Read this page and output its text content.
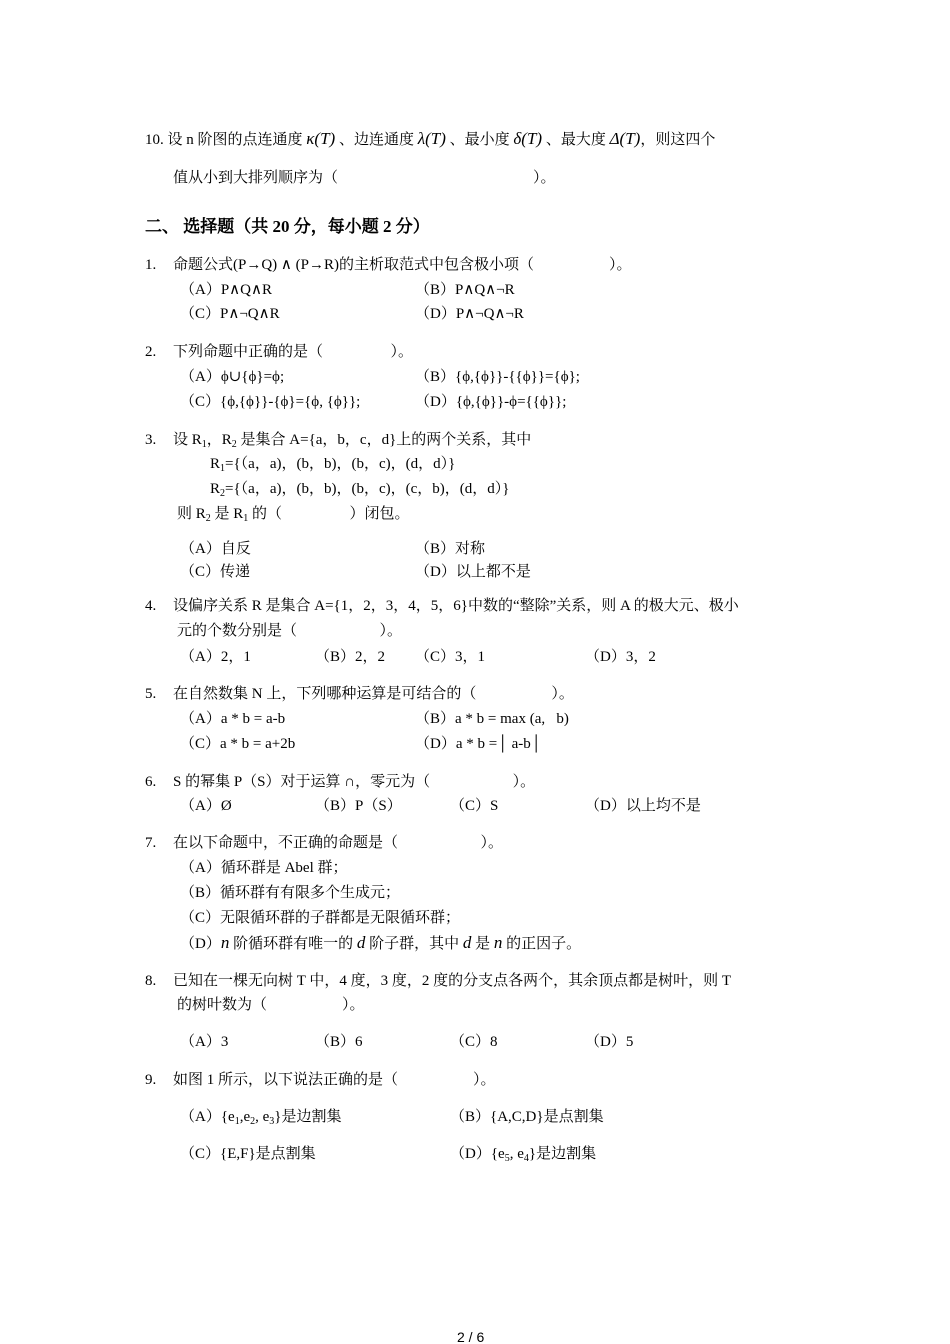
10. 设 n 阶图的点连通度 κ(T) 、边连通度 λ(T) 、最小度 δ(T) 、最大度 Δ(T)，则这四个
值从小到大排列顺序为（                                                    ）。
二、 选择题（共 20 分，每小题 2 分）
1. 命题公式(P→Q) ∧ (P→R)的主析取范式中包含极小项（                    ）。
（A）P∧Q∧R	（B）P∧Q∧¬R
（C）P∧¬Q∧R	（D）P∧¬Q∧¬R
2. 下列命题中正确的是（                  ）。
（A）ϕ∪{ϕ}=ϕ;	（B）{ϕ,{ϕ}}-{{ϕ}}={ϕ};
（C）{ϕ,{ϕ}}-{ϕ}={ϕ, {ϕ}};	（D）{ϕ,{ϕ}}-ϕ={{ϕ}};
3. 设 $R_1$，$R_2$ 是集合 A={a，b，c，d}上的两个关系，其中
$R_1=\{(a$，a)，(b，b)，(b，c)，(d，d）}
$R_2=\{(a$，a)，(b，b)，(b，c)，(c，b)，(d，d）}
则 $R_2$ 是 $R_1$ 的（                  ）闭包。
（A）自反	（B）对称
（C）传递	（D）以上都不是
4. 设偏序关系 R 是集合 A={1，2，3，4，5，6}中数的“整除”关系，则 A 的极大元、极小
元的个数分别是（                      ）。
（A）2，1	（B）2，2 （C）3，1	（D）3，2
5. 在自然数集 N 上，下列哪种运算是可结合的（                    ）。
（A）a * b = a-b	（B）a * b = max (a,   b)
（C）a * b = a+2b	（D）a * b =│ a-b│
6. S 的幂集 P（S）对于运算 ∩，零元为（                      ）。
（A）Ø	（B）P（S）	（C）S	（D）以上均不是
7. 在以下命题中，不正确的命题是（                      ）。
（A）循环群是 Abel 群；
（B）循环群有有限多个生成元；
（C）无限循环群的子群都是无限循环群；
（D）n 阶循环群有唯一的 d 阶子群，其中 d 是 n 的正因子。
8. 已知在一棵无向树 T 中，4 度，3 度，2 度的分支点各两个，其余顶点都是树叶，则 T
的树叶数为（                    ）。
（A）3	（B）6	（C）8	（D）5
9. 如图 1 所示，以下说法正确的是（                    ）。
$(A)\{e_1,e_2$, $e_3$}是边割集	（B）{A,C,D}是点割集
（C）{E,F}是点割集	$(D)\{e_5$, $e_4$}是边割集
2 / 6
